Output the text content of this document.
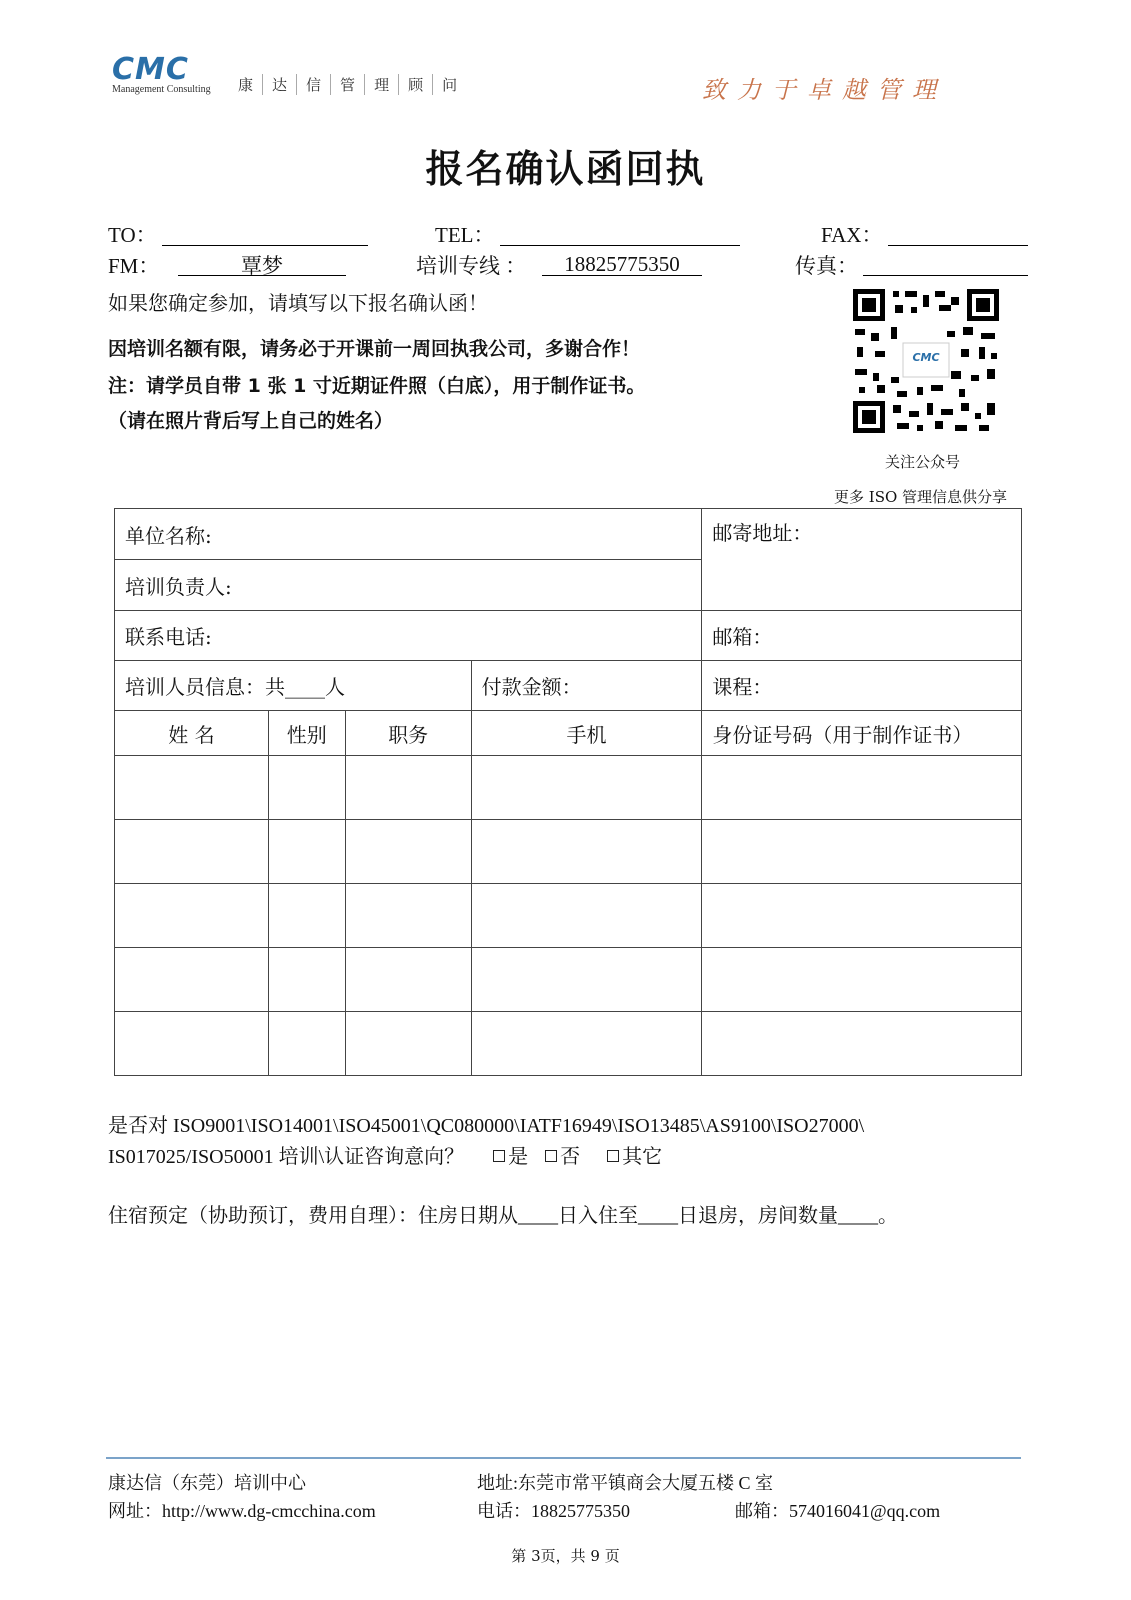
CMC
Management Consulting 康	达	信	管	理	顾	问	致力于卓越管理
报名确认函回执
TO：	TEL：	FAX：
FM：	覃梦	培训专线 ：	18825775350	传真：
如果您确定参加，请填写以下报名确认函！
因培训名额有限，请务必于开课前一周回执我公司，多谢合作！
注：请学员自带 1 张 1 寸近期证件照（白底），用于制作证书。
（请在照片背后写上自己的姓名）
CMC
关注公众号
更多 ISO 管理信息供分享
单位名称:				邮寄地址：
培训负责人:				
联系电话:				邮箱：
培训人员信息：共____人			付款金额：	课程：
姓 名	性别	职务	手机	身份证号码（用于制作证书）

是否对 ISO9001\ISO14001\ISO45001\QC080000\IATF16949\ISO13485\AS9100\ISO27000\
IS017025/ISO50001 培训\认证咨询意向？ 是 否 其它
住宿预定（协助预订，费用自理）：住房日期从____日入住至____日退房，房间数量____。
康达信（东莞）培训中心	地址:东莞市常平镇商会大厦五楼 C 室
网址：http://www.dg-cmcchina.com	电话：18825775350	邮箱：574016041@qq.com
第 3页，共 9 页
